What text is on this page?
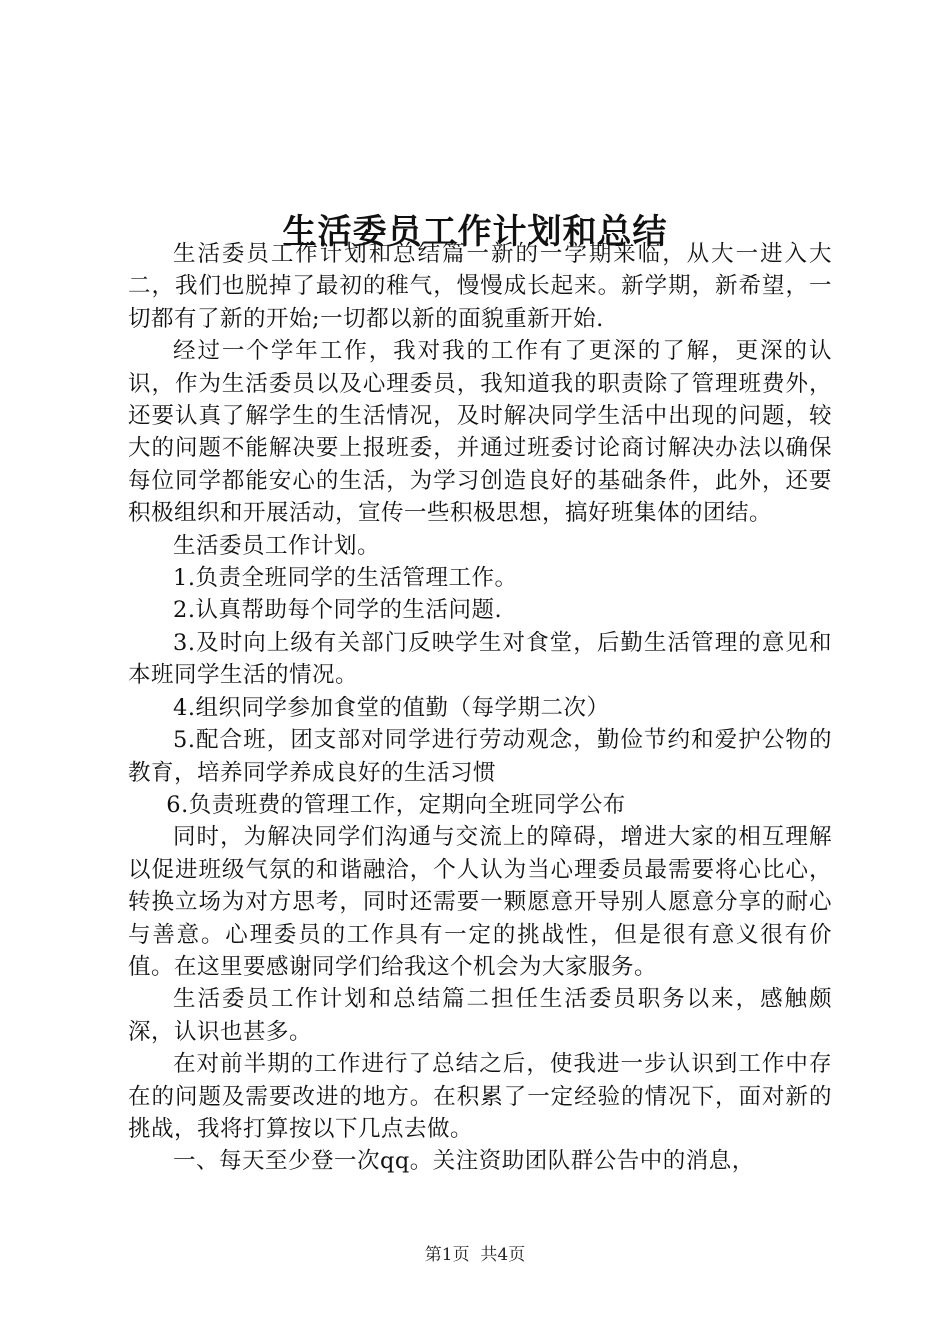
生活委员工作计划和总结

生活委员工作计划和总结篇一新的一学期来临，从大一进入大二，我们也脱掉了最初的稚气，慢慢成长起来。新学期，新希望，一切都有了新的开始;一切都以新的面貌重新开始.

经过一个学年工作，我对我的工作有了更深的了解，更深的认识，作为生活委员以及心理委员，我知道我的职责除了管理班费外，还要认真了解学生的生活情况，及时解决同学生活中出现的问题，较大的问题不能解决要上报班委，并通过班委讨论商讨解决办法以确保每位同学都能安心的生活，为学习创造良好的基础条件，此外，还要积极组织和开展活动，宣传一些积极思想，搞好班集体的团结。

生活委员工作计划。

1.负责全班同学的生活管理工作。

2.认真帮助每个同学的生活问题.

3.及时向上级有关部门反映学生对食堂，后勤生活管理的意见和本班同学生活的情况。

4.组织同学参加食堂的值勤（每学期二次）

5.配合班，团支部对同学进行劳动观念，勤俭节约和爱护公物的教育，培养同学养成良好的生活习惯

6.负责班费的管理工作，定期向全班同学公布

同时，为解决同学们沟通与交流上的障碍，增进大家的相互理解以促进班级气氛的和谐融洽，个人认为当心理委员最需要将心比心，转换立场为对方思考，同时还需要一颗愿意开导别人愿意分享的耐心与善意。心理委员的工作具有一定的挑战性，但是很有意义很有价值。在这里要感谢同学们给我这个机会为大家服务。

生活委员工作计划和总结篇二担任生活委员职务以来，感触颇深，认识也甚多。

在对前半期的工作进行了总结之后，使我进一步认识到工作中存在的问题及需要改进的地方。在积累了一定经验的情况下，面对新的挑战，我将打算按以下几点去做。

一、每天至少登一次qq。关注资助团队群公告中的消息，

第1页  共4页
